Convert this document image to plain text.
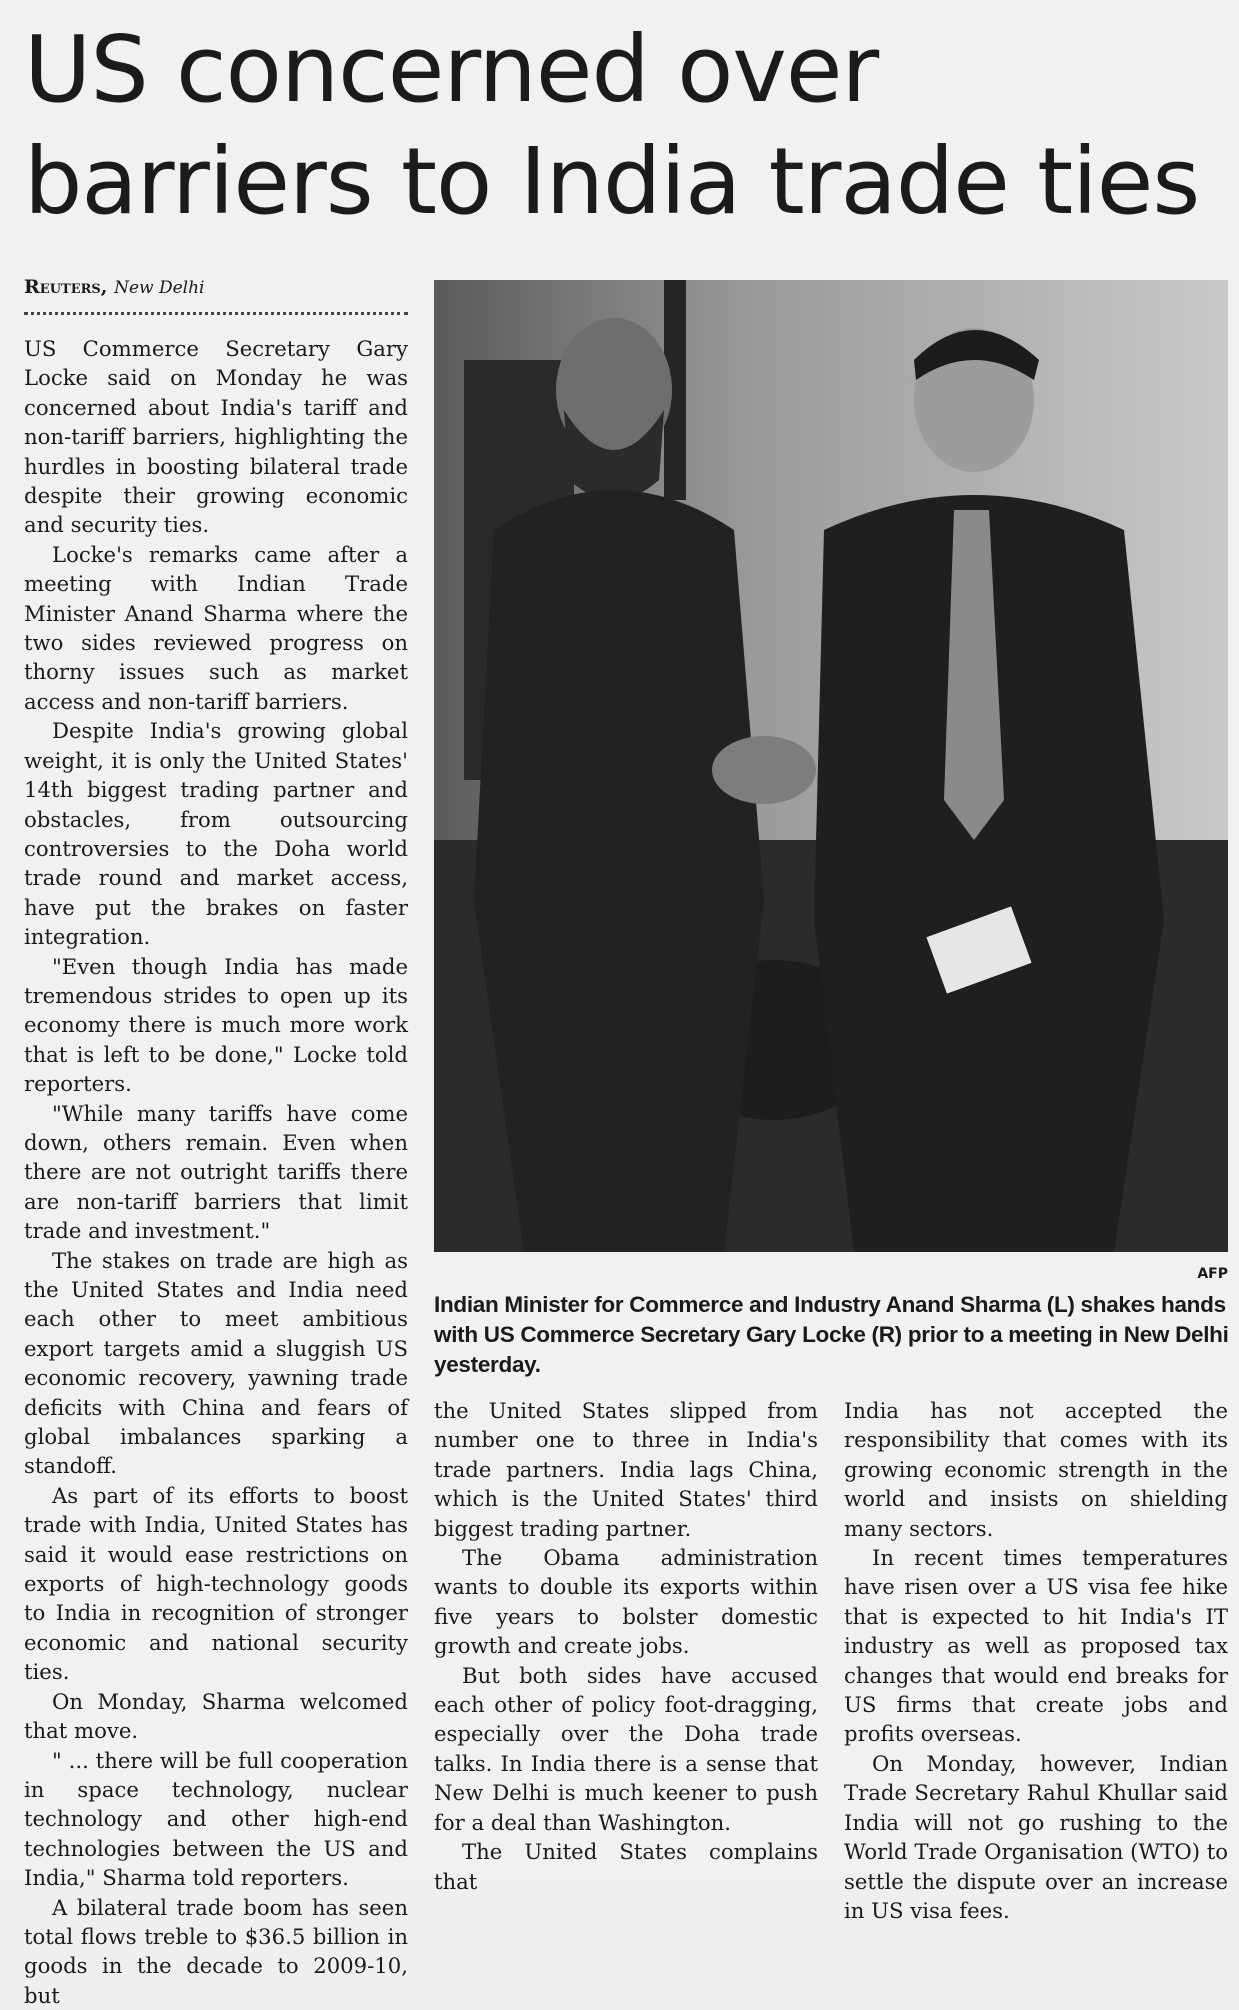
US concerned over barriers to India trade ties
Reuters, New Delhi

US Commerce Secretary Gary Locke said on Monday he was concerned about India's tariff and non-tariff barriers, highlighting the hurdles in boosting bilateral trade despite their growing economic and security ties.

Locke's remarks came after a meeting with Indian Trade Minister Anand Sharma where the two sides reviewed progress on thorny issues such as market access and non-tariff barriers.

Despite India's growing global weight, it is only the United States' 14th biggest trading partner and obstacles, from outsourcing controversies to the Doha world trade round and market access, have put the brakes on faster integration.

"Even though India has made tremendous strides to open up its economy there is much more work that is left to be done," Locke told reporters.

"While many tariffs have come down, others remain. Even when there are not outright tariffs there are non-tariff barriers that limit trade and investment."

The stakes on trade are high as the United States and India need each other to meet ambitious export targets amid a sluggish US economic recovery, yawning trade deficits with China and fears of global imbalances sparking a standoff.

As part of its efforts to boost trade with India, United States has said it would ease restrictions on exports of high-technology goods to India in recognition of stronger economic and national security ties.

On Monday, Sharma welcomed that move.

" ... there will be full cooperation in space technology, nuclear technology and other high-end technologies between the US and India," Sharma told reporters.

A bilateral trade boom has seen total flows treble to $36.5 billion in goods in the decade to 2009-10, but

AFP
Indian Minister for Commerce and Industry Anand Sharma (L) shakes hands with US Commerce Secretary Gary Locke (R) prior to a meeting in New Delhi yesterday.

the United States slipped from number one to three in India's trade partners. India lags China, which is the United States' third biggest trading partner.

The Obama administration wants to double its exports within five years to bolster domestic growth and create jobs.

But both sides have accused each other of policy foot-dragging, especially over the Doha trade talks. In India there is a sense that New Delhi is much keener to push for a deal than Washington.

The United States complains that

India has not accepted the responsibility that comes with its growing economic strength in the world and insists on shielding many sectors.

In recent times temperatures have risen over a US visa fee hike that is expected to hit India's IT industry as well as proposed tax changes that would end breaks for US firms that create jobs and profits overseas.

On Monday, however, Indian Trade Secretary Rahul Khullar said India will not go rushing to the World Trade Organisation (WTO) to settle the dispute over an increase in US visa fees.
